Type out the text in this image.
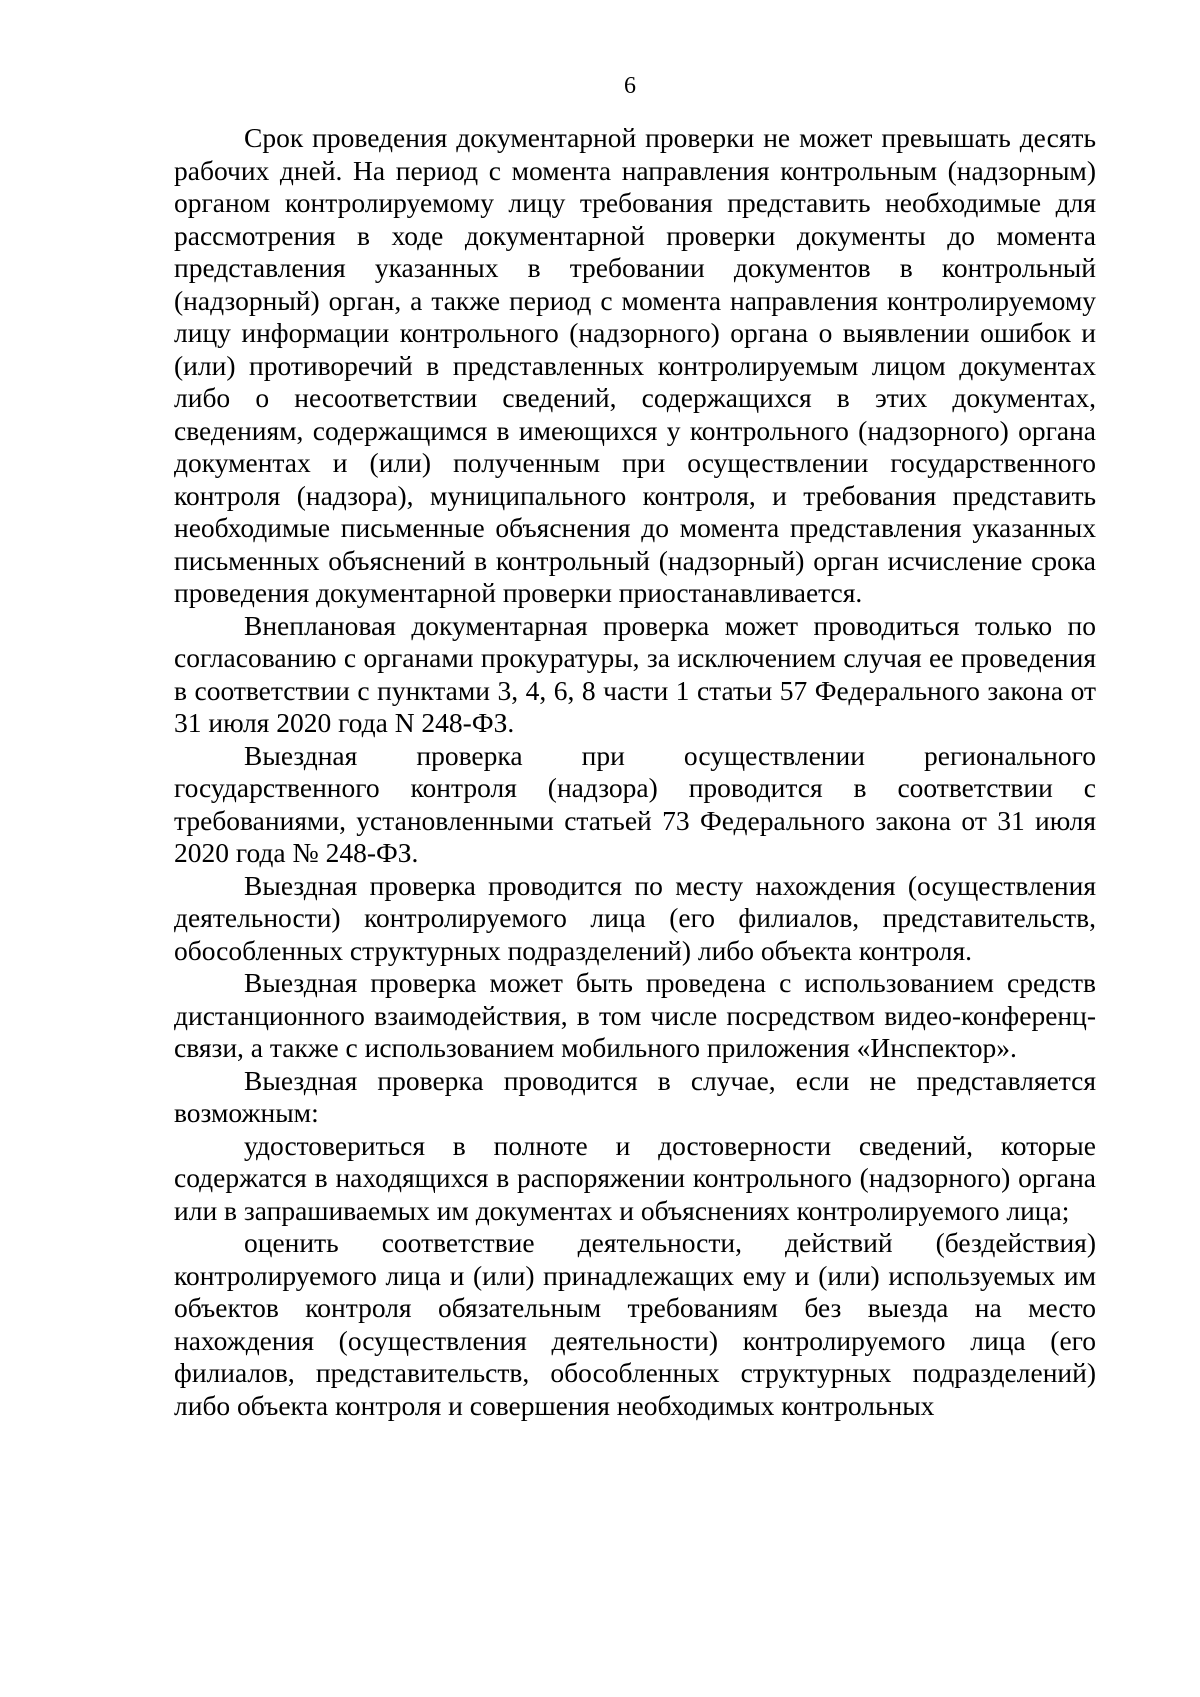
6

Срок проведения документарной проверки не может превышать десять рабочих дней. На период с момента направления контрольным (надзорным) органом контролируемому лицу требования представить необходимые для рассмотрения в ходе документарной проверки документы до момента представления указанных в требовании документов в контрольный (надзорный) орган, а также период с момента направления контролируемому лицу информации контрольного (надзорного) органа о выявлении ошибок и (или) противоречий в представленных контролируемым лицом документах либо о несоответствии сведений, содержащихся в этих документах, сведениям, содержащимся в имеющихся у контрольного (надзорного) органа документах и (или) полученным при осуществлении государственного контроля (надзора), муниципального контроля, и требования представить необходимые письменные объяснения до момента представления указанных письменных объяснений в контрольный (надзорный) орган исчисление срока проведения документарной проверки приостанавливается.

Внеплановая документарная проверка может проводиться только по согласованию с органами прокуратуры, за исключением случая ее проведения в соответствии с пунктами 3, 4, 6, 8 части 1 статьи 57 Федерального закона от 31 июля 2020 года N 248-ФЗ.

Выездная проверка при осуществлении регионального государственного контроля (надзора) проводится в соответствии с требованиями, установленными статьей 73 Федерального закона от 31 июля 2020 года № 248-ФЗ.

Выездная проверка проводится по месту нахождения (осуществления деятельности) контролируемого лица (его филиалов, представительств, обособленных структурных подразделений) либо объекта контроля.

Выездная проверка может быть проведена с использованием средств дистанционного взаимодействия, в том числе посредством видео-конференц-связи, а также с использованием мобильного приложения «Инспектор».

Выездная проверка проводится в случае, если не представляется возможным:

удостовериться в полноте и достоверности сведений, которые содержатся в находящихся в распоряжении контрольного (надзорного) органа или в запрашиваемых им документах и объяснениях контролируемого лица;

оценить соответствие деятельности, действий (бездействия) контролируемого лица и (или) принадлежащих ему и (или) используемых им объектов контроля обязательным требованиям без выезда на место нахождения (осуществления деятельности) контролируемого лица (его филиалов, представительств, обособленных структурных подразделений) либо объекта контроля и совершения необходимых контрольных
